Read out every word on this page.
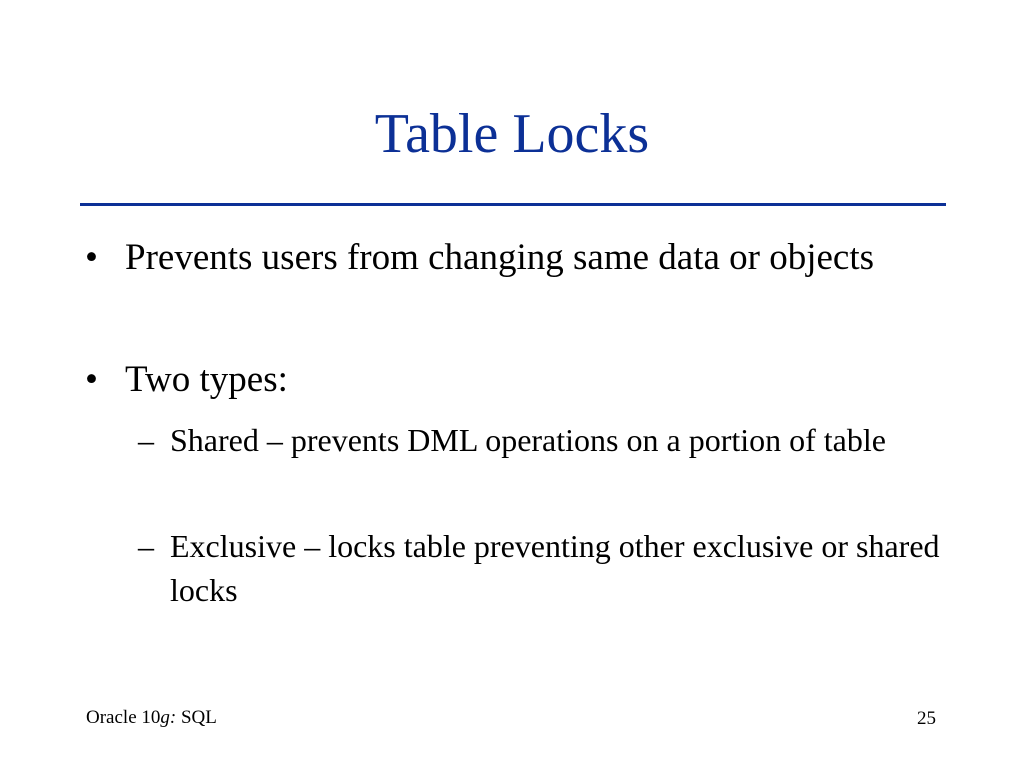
Table Locks
• Prevents users from changing same data or objects
• Two types:
– Shared – prevents DML operations on a portion of table
– Exclusive – locks table preventing other exclusive or shared locks
Oracle 10g: SQL	25
